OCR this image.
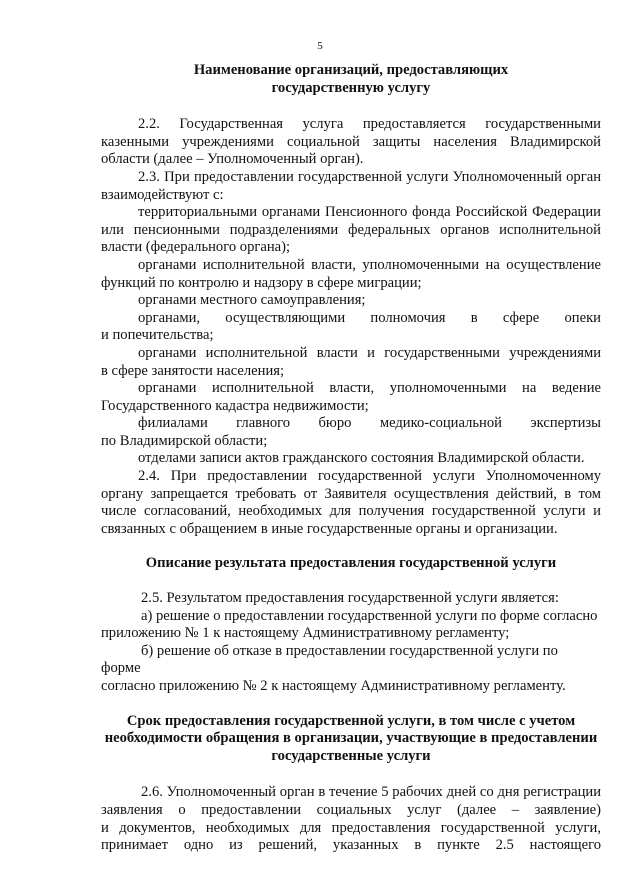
5
Наименование организаций, предоставляющих
государственную услугу
2.2. Государственная услуга предоставляется государственными
казенными учреждениями социальной защиты населения Владимирской
области (далее – Уполномоченный орган).
2.3. При предоставлении государственной услуги Уполномоченный орган
взаимодействуют с:
территориальными органами Пенсионного фонда Российской Федерации
или пенсионными подразделениями федеральных органов исполнительной
власти (федерального органа);
органами исполнительной власти, уполномоченными на осуществление
функций по контролю и надзору в сфере миграции;
органами местного самоуправления;
органами, осуществляющими полномочия в сфере опеки
и попечительства;
органами исполнительной власти и государственными учреждениями
в сфере занятости населения;
органами исполнительной власти, уполномоченными на ведение
Государственного кадастра недвижимости;
филиалами главного бюро медико-социальной экспертизы
по Владимирской области;
отделами записи актов гражданского состояния Владимирской области.
2.4. При предоставлении государственной услуги Уполномоченному
органу запрещается требовать от Заявителя осуществления действий, в том
числе согласований, необходимых для получения государственной услуги и
связанных с обращением в иные государственные органы и организации.
Описание результата предоставления государственной услуги
2.5. Результатом предоставления государственной услуги является:
а) решение о предоставлении государственной услуги по форме согласно
приложению № 1 к настоящему Административному регламенту;
б) решение об отказе в предоставлении государственной услуги по форме
согласно приложению № 2 к настоящему Административному регламенту.
Срок предоставления государственной услуги, в том числе с учетом
необходимости обращения в организации, участвующие в предоставлении
государственные услуги
2.6. Уполномоченный орган в течение 5 рабочих дней со дня регистрации
заявления о предоставлении социальных услуг (далее – заявление)
и документов, необходимых для предоставления государственной услуги,
принимает одно из решений, указанных в пункте 2.5 настоящего
